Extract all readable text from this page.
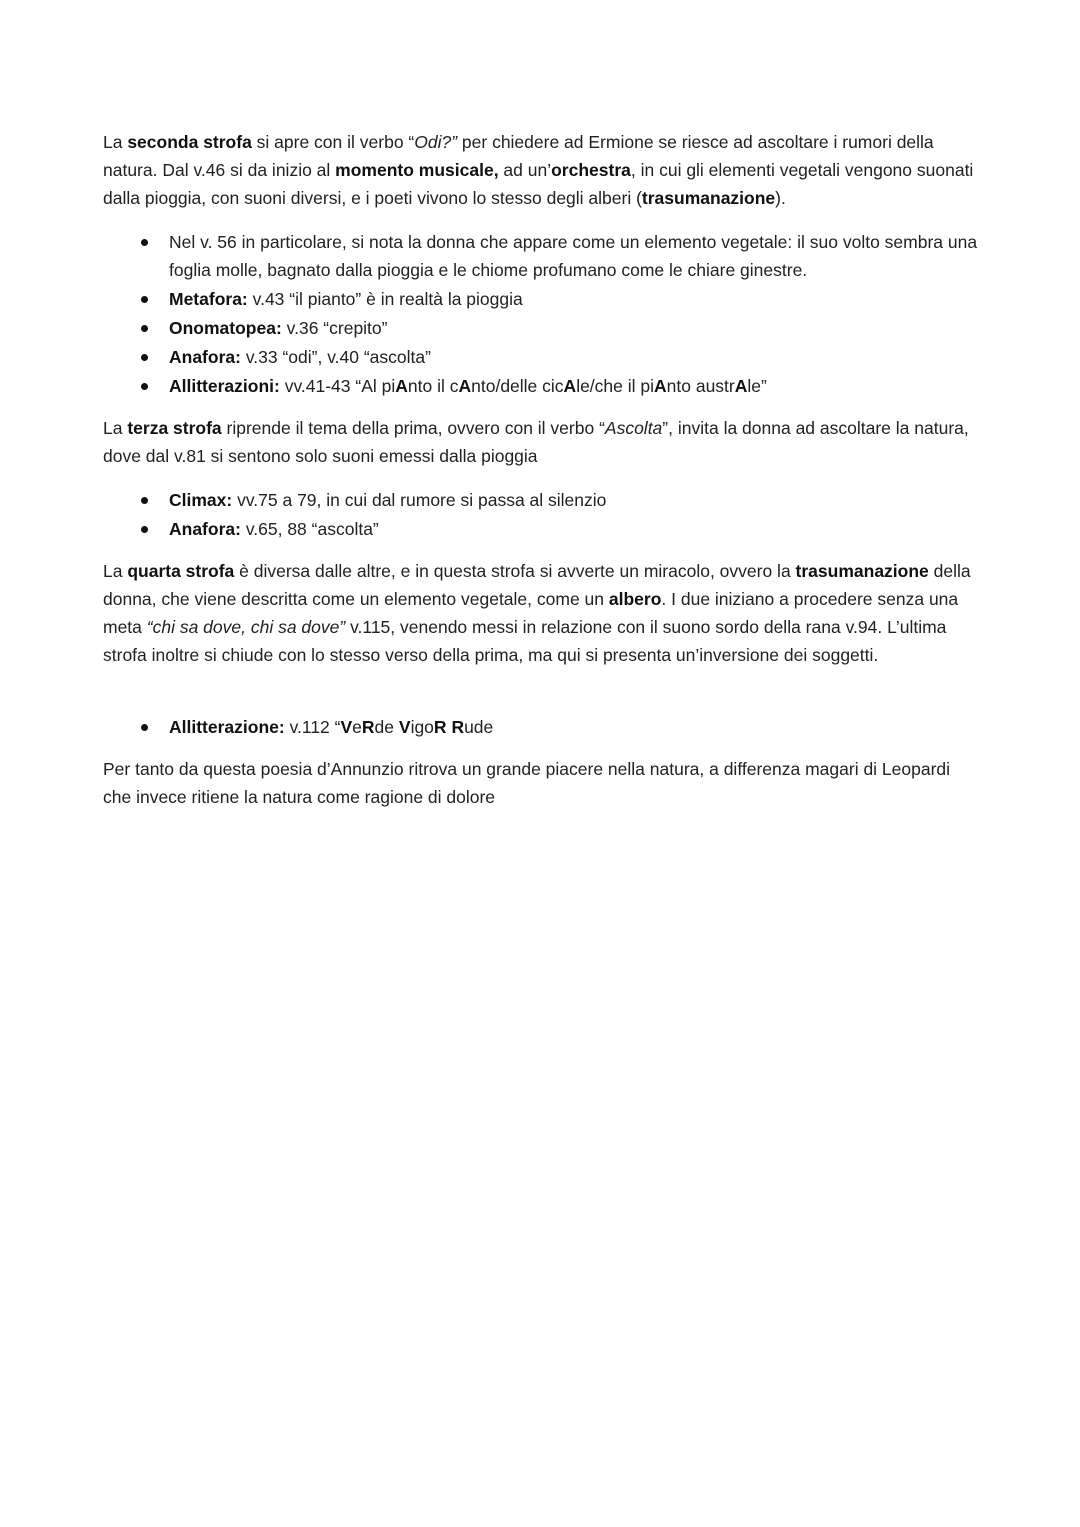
La seconda strofa si apre con il verbo “Odi?” per chiedere ad Ermione se riesce ad ascoltare i rumori della natura. Dal v.46 si da inizio al momento musicale, ad un’orchestra, in cui gli elementi vegetali vengono suonati dalla pioggia, con suoni diversi, e i poeti vivono lo stesso degli alberi (trasumanazione).

Nel v. 56 in particolare, si nota la donna che appare come un elemento vegetale: il suo volto sembra una foglia molle, bagnato dalla pioggia e le chiome profumano come le chiare ginestre.
Metafora: v.43 “il pianto” è in realtà la pioggia
Onomatopea: v.36 “crepito”
Anafora: v.33 “odi”, v.40 “ascolta”
Allitterazioni: vv.41-43 “Al piAnto il cAnto/delle cicAle/che il piAnto austrAle”

La terza strofa riprende il tema della prima, ovvero con il verbo “Ascolta”, invita la donna ad ascoltare la natura, dove dal v.81 si sentono solo suoni emessi dalla pioggia

Climax: vv.75 a 79, in cui dal rumore si passa al silenzio
Anafora: v.65, 88 “ascolta”

La quarta strofa è diversa dalle altre, e in questa strofa si avverte un miracolo, ovvero la trasumanazione della donna, che viene descritta come un elemento vegetale, come un albero. I due iniziano a procedere senza una meta “chi sa dove, chi sa dove” v.115, venendo messi in relazione con il suono sordo della rana v.94. L’ultima strofa inoltre si chiude con lo stesso verso della prima, ma qui si presenta un’inversione dei soggetti.

Allitterazione: v.112 “VeRde VigoR Rude

Per tanto da questa poesia d’Annunzio ritrova un grande piacere nella natura, a differenza magari di Leopardi che invece ritiene la natura come ragione di dolore
